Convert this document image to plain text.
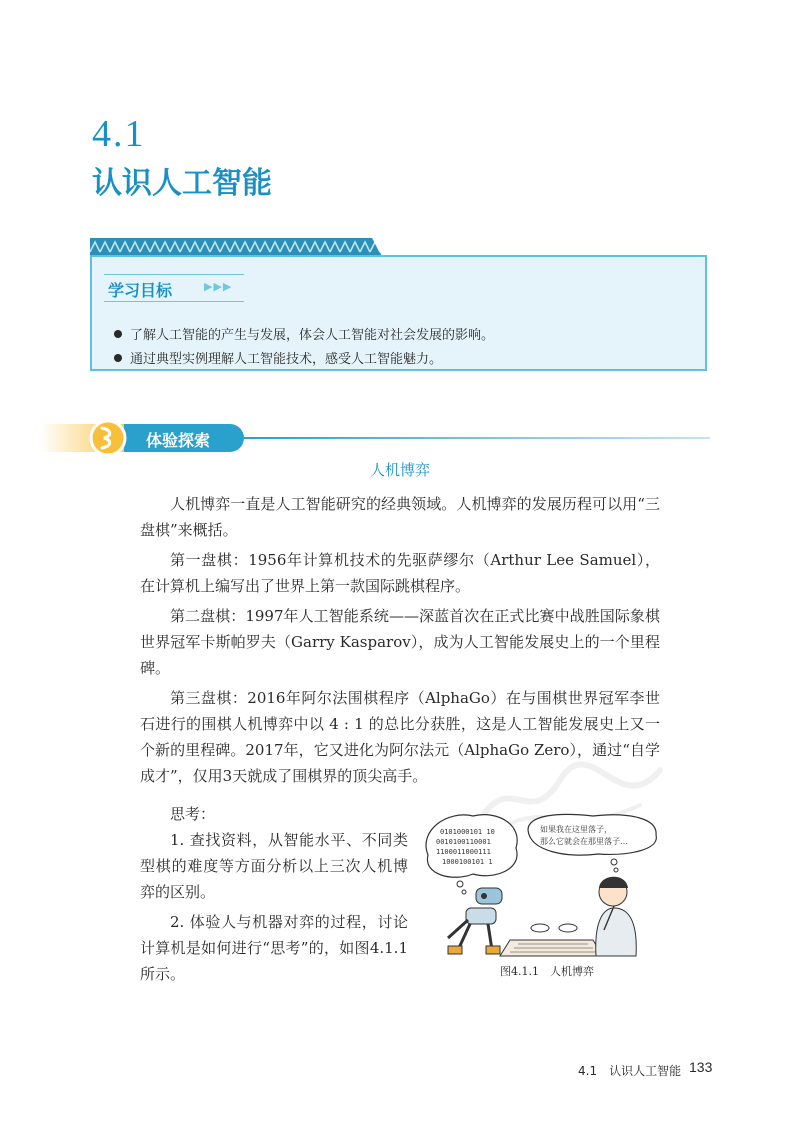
4.1
认识人工智能
学习目标	▶▶▶
了解人工智能的产生与发展，体会人工智能对社会发展的影响。
通过典型实例理解人工智能技术，感受人工智能魅力。
体验探索
人机博弈

人机博弈一直是人工智能研究的经典领域。人机博弈的发展历程可以用“三盘棋”来概括。

第一盘棋：1956年计算机技术的先驱萨缪尔（Arthur Lee Samuel），在计算机上编写出了世界上第一款国际跳棋程序。

第二盘棋：1997年人工智能系统——深蓝首次在正式比赛中战胜国际象棋世界冠军卡斯帕罗夫（Garry Kasparov），成为人工智能发展史上的一个里程碑。

第三盘棋：2016年阿尔法围棋程序（AlphaGo）在与围棋世界冠军李世石进行的围棋人机博弈中以 4 : 1 的总比分获胜，这是人工智能发展史上又一个新的里程碑。2017年，它又进化为阿尔法元（AlphaGo Zero），通过“自学成才”，仅用3天就成了围棋界的顶尖高手。

思考：

1. 查找资料，从智能水平、不同类型棋的难度等方面分析以上三次人机博弈的区别。

2. 体验人与机器对弈的过程，讨论计算机是如何进行“思考”的，如图4.1.1所示。

0101000101 10
0010100110001
1100011000111
1000100101 1
如果我在这里落子，
那么它就会在那里落子…
图4.1.1　人机博弈
4.1　认识人工智能 133
